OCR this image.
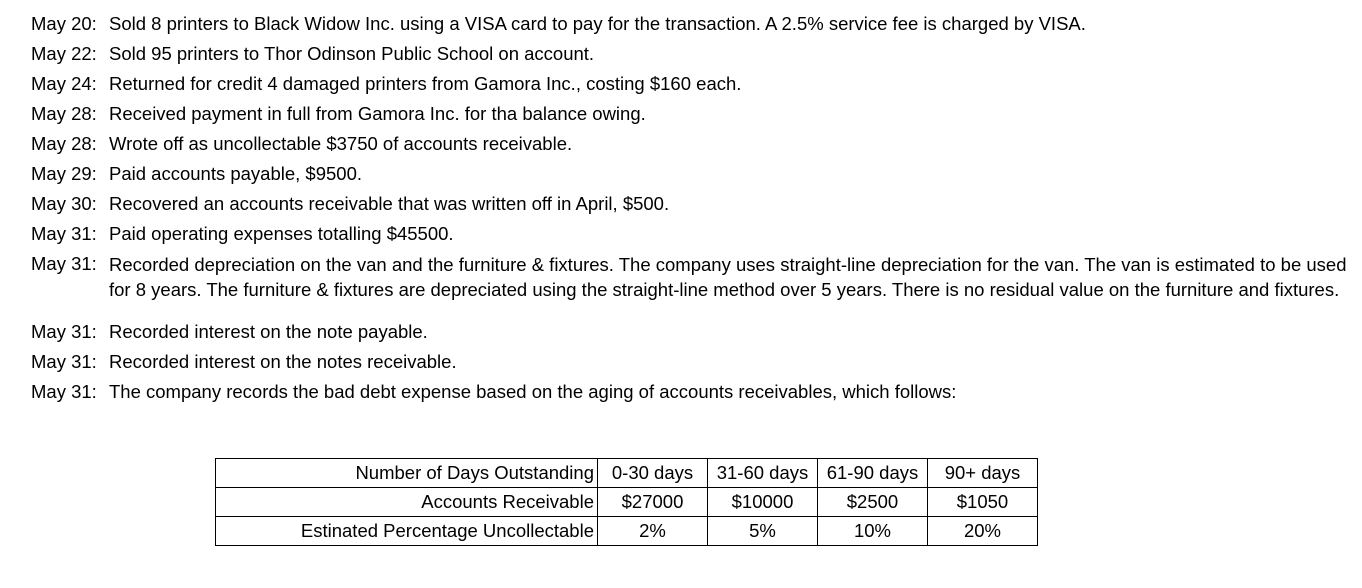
May 20: Sold 8 printers to Black Widow Inc. using a VISA card to pay for the transaction. A 2.5% service fee is charged by VISA.
May 22: Sold 95 printers to Thor Odinson Public School on account.
May 24: Returned for credit 4 damaged printers from Gamora Inc., costing $160 each.
May 28: Received payment in full from Gamora Inc. for tha balance owing.
May 28: Wrote off as uncollectable $3750 of accounts receivable.
May 29: Paid accounts payable, $9500.
May 30: Recovered an accounts receivable that was written off in April, $500.
May 31: Paid operating expenses totalling $45500.
May 31: Recorded depreciation on the van and the furniture & fixtures. The company uses straight-line depreciation for the van. The van is estimated to be used for 8 years. The furniture & fixtures are depreciated using the straight-line method over 5 years. There is no residual value on the furniture and fixtures.
May 31: Recorded interest on the note payable.
May 31: Recorded interest on the notes receivable.
May 31: The company records the bad debt expense based on the aging of accounts receivables, which follows:
Number of Days Outstanding	0-30 days	31-60 days	61-90 days	90+ days
Accounts Receivable	$27000	$10000	$2500	$1050
Estinated Percentage Uncollectable	2%	5%	10%	20%
